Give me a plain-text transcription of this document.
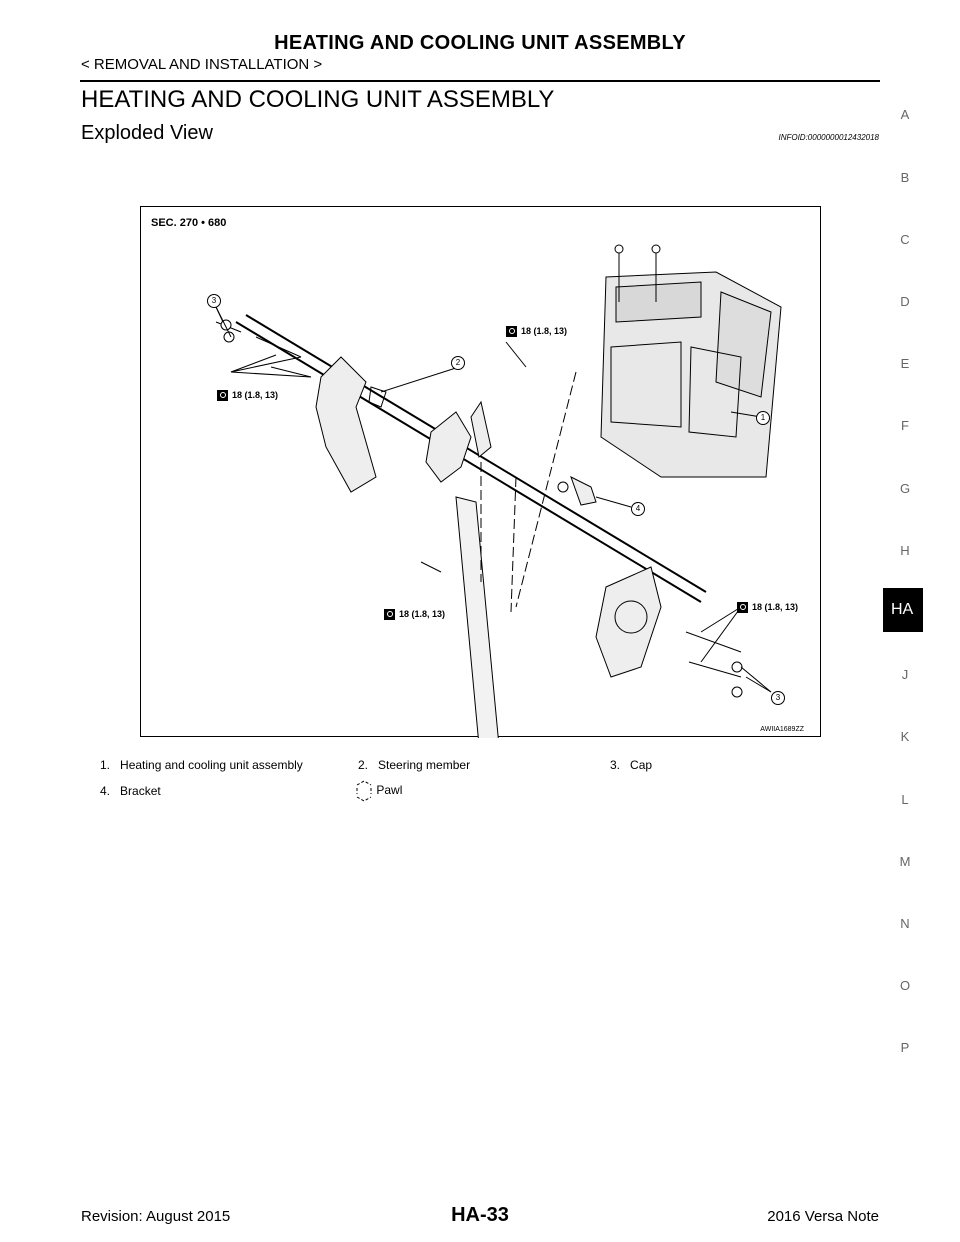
HEATING AND COOLING UNIT ASSEMBLY
< REMOVAL AND INSTALLATION >
HEATING AND COOLING UNIT ASSEMBLY
Exploded View	INFOID:0000000012432018
A
B
C
D
E
F
G
H
HA
J
K
L
M
N
O
P
SEC. 270 • 680
AWIIA1689ZZ
18 (1.8, 13)
18 (1.8, 13)
18 (1.8, 13)
18 (1.8, 13)
1
2
3
3
4
1. Heating and cooling unit assembly	2. Steering member	3. Cap
4. Bracket	Pawl
Revision: August 2015	HA-33	2016 Versa Note
